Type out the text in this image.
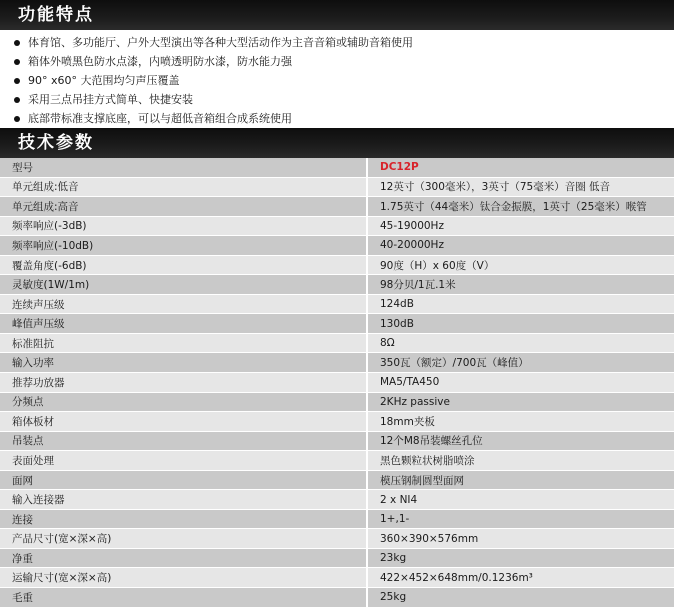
功能特点
体育馆、多功能厅、户外大型演出等各种大型活动作为主音音箱或辅助音箱使用
箱体外喷黑色防水点漆，内喷透明防水漆，防水能力强
90° x60° 大范围均匀声压覆盖
采用三点吊挂方式简单、快捷安装
底部带标准支撑底座，可以与超低音箱组合成系统使用
技术参数
型号	DC12P
单元组成:低音	12英寸（300毫米），3英寸（75毫米）音圈 低音
单元组成:高音	1.75英寸（44毫米）钛合金振膜，1英寸（25毫米）喉管
频率响应(-3dB)	45-19000Hz
频率响应(-10dB)	40-20000Hz
覆盖角度(-6dB)	90度（H）x 60度（V）
灵敏度(1W/1m)	98分贝/1瓦.1米
连续声压级	124dB
峰值声压级	130dB
标准阻抗	8Ω
输入功率	350瓦（额定）/700瓦（峰值）
推荐功放器	MA5/TA450
分频点	2KHz passive
箱体板材	18mm夹板
吊装点	12个M8吊装螺丝孔位
表面处理	黑色颗粒状树脂喷涂
面网	模压钢制圆型面网
输入连接器	2 x NI4
连接	1+,1-
产品尺寸(宽×深×高)	360×390×576mm
净重	23kg
运输尺寸(宽×深×高)	422×452×648mm/0.1236m³
毛重	25kg
